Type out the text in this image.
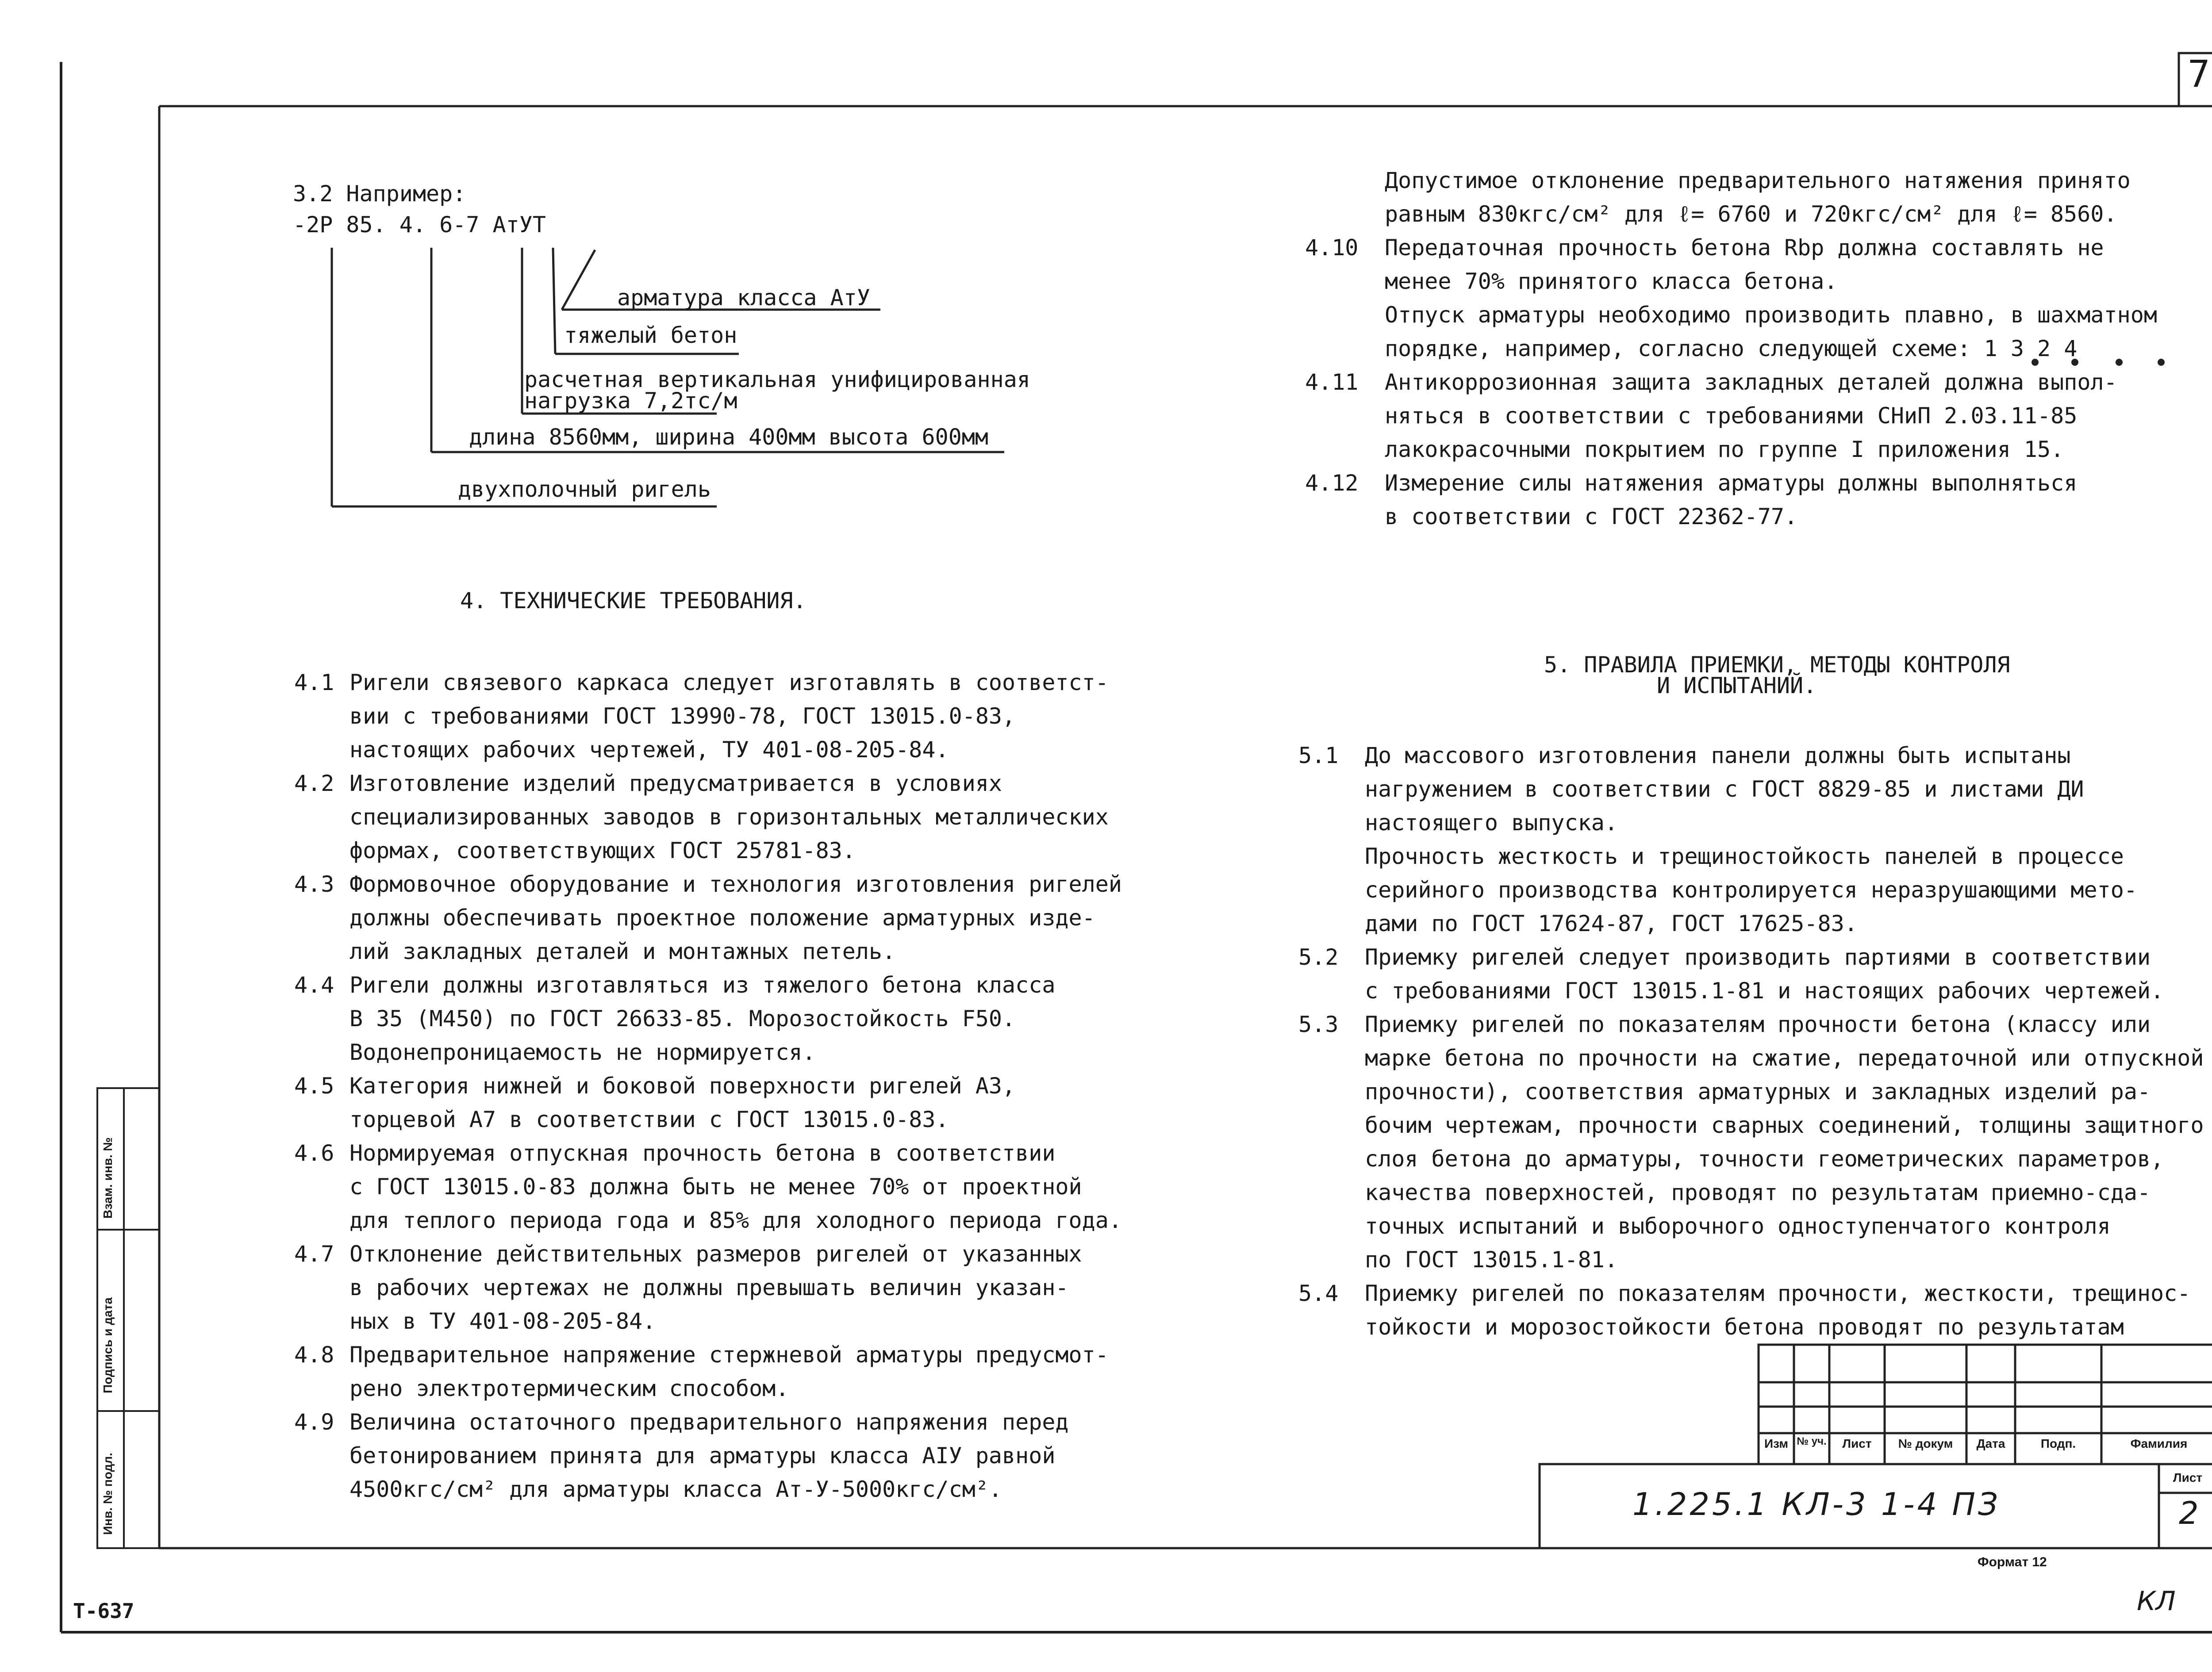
7
Т-637	КЛ
Формат 12
Инв. № подл.
Подпись и дата
Взам. инв. №
3.2 Например:
-2Р 85. 4. 6-7 АтУТ
арматура класса АтУ
тяжелый бетон
расчетная вертикальная унифицированная
нагрузка 7,2тс/м
длина 8560мм, ширина 400мм высота 600мм
двухполочный ригель
4. ТЕХНИЧЕСКИЕ ТРЕБОВАНИЯ.
4.1 Ригели связевого каркаса следует изготавлять в соответст-
вии с требованиями ГОСТ 13990-78, ГОСТ 13015.0-83,
настоящих рабочих чертежей, ТУ 401-08-205-84.
4.2 Изготовление изделий предусматривается в условиях
специализированных заводов в горизонтальных металлических
формах, соответствующих ГОСТ 25781-83.
4.3 Формовочное оборудование и технология изготовления ригелей
должны обеспечивать проектное положение арматурных изде-
лий закладных деталей и монтажных петель.
4.4 Ригели должны изготавляться из тяжелого бетона класса
В 35 (М450) по ГОСТ 26633-85. Морозостойкость F50.
Водонепроницаемость не нормируется.
4.5 Категория нижней и боковой поверхности ригелей А3,
торцевой А7 в соответствии с ГОСТ 13015.0-83.
4.6 Нормируемая отпускная прочность бетона в соответствии
с ГОСТ 13015.0-83 должна быть не менее 70% от проектной
для теплого периода года и 85% для холодного периода года.
4.7 Отклонение действительных размеров ригелей от указанных
в рабочих чертежах не должны превышать величин указан-
ных в ТУ 401-08-205-84.
4.8 Предварительное напряжение стержневой арматуры предусмот-
рено электротермическим способом.
4.9 Величина остаточного предварительного напряжения перед
бетонированием принята для арматуры класса АIУ равной
4500кгс/см² для арматуры класса Ат-У-5000кгс/см².
Допустимое отклонение предварительного натяжения принято
равным 830кгс/см² для ℓ= 6760 и 720кгс/см² для ℓ= 8560.
4.10 Передаточная прочность бетона Rbp должна составлять не
менее 70% принятого класса бетона.
Отпуск арматуры необходимо производить плавно, в шахматном
порядке, например, согласно следующей схеме: 1 3 2 4
4.11 Антикоррозионная защита закладных деталей должна выпол-
няться в соответствии с требованиями СНиП 2.03.11-85
лакокрасочными покрытием по группе I приложения 15.
4.12 Измерение силы натяжения арматуры должны выполняться
в соответствии с ГОСТ 22362-77.
5. ПРАВИЛА ПРИЕМКИ, МЕТОДЫ КОНТРОЛЯ
И ИСПЫТАНИЙ.
5.1 До массового изготовления панели должны быть испытаны
нагружением в соответствии с ГОСТ 8829-85 и листами ДИ
настоящего выпуска.
Прочность жесткость и трещиностойкость панелей в процессе
серийного производства контролируется неразрушающими мето-
дами по ГОСТ 17624-87, ГОСТ 17625-83.
5.2 Приемку ригелей следует производить партиями в соответствии
с требованиями ГОСТ 13015.1-81 и настоящих рабочих чертежей.
5.3 Приемку ригелей по показателям прочности бетона (классу или
марке бетона по прочности на сжатие, передаточной или отпускной
прочности), соответствия арматурных и закладных изделий ра-
бочим чертежам, прочности сварных соединений, толщины защитного
слоя бетона до арматуры, точности геометрических параметров,
качества поверхностей, проводят по результатам приемно-сда-
точных испытаний и выборочного одноступенчатого контроля
по ГОСТ 13015.1-81.
5.4 Приемку ригелей по показателям прочности, жесткости, трещинос-
тойкости и морозостойкости бетона проводят по результатам
Изм № уч.	Лист	№ докум	Дата	Подп.	Фамилия
1.225.1 КЛ-3 1-4 ПЗ
Лист
2
